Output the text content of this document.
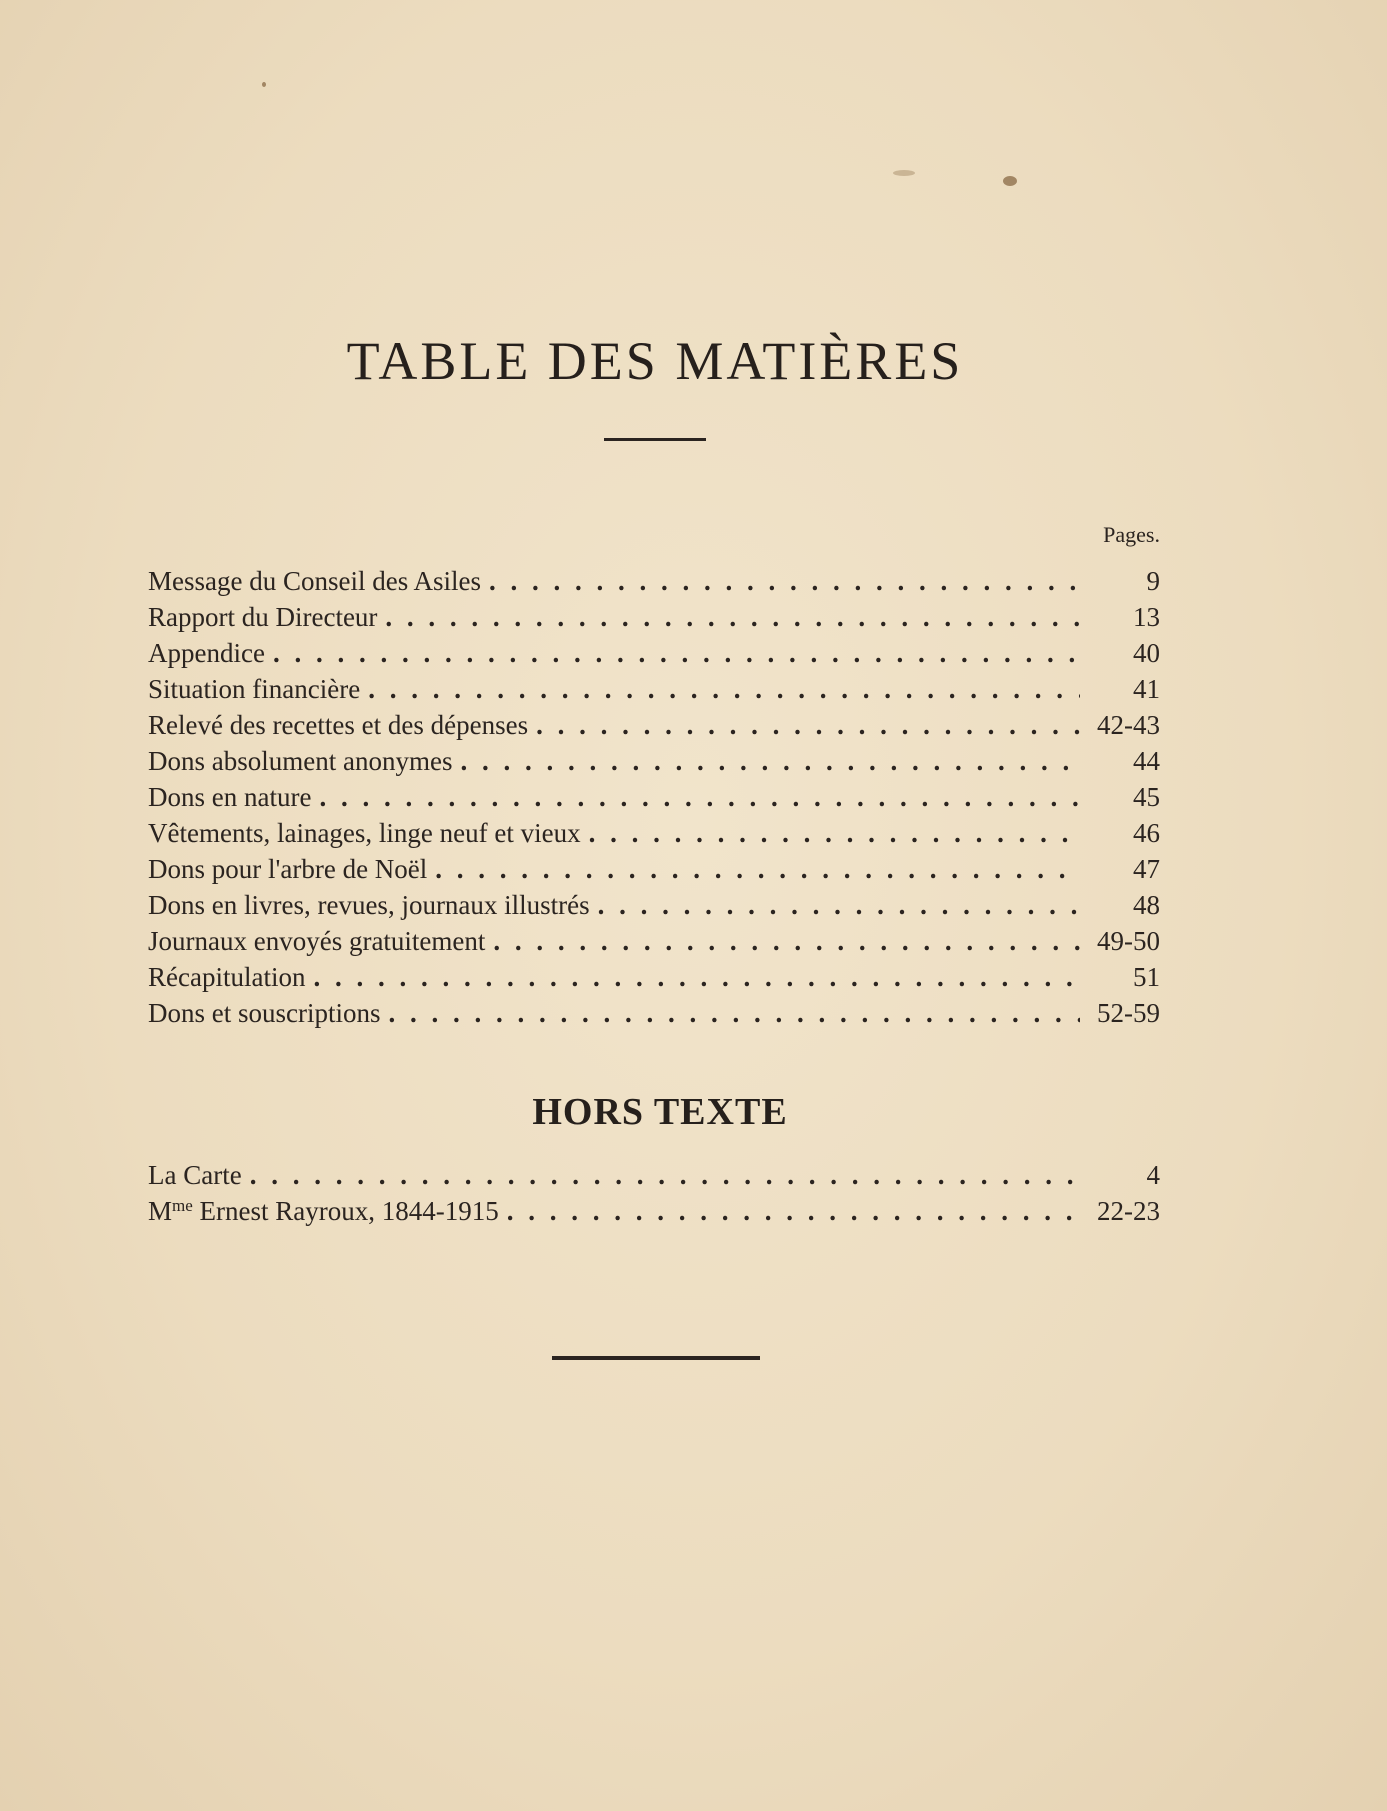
TABLE DES MATIÈRES
Pages.
Message du Conseil des Asiles . . .	9
Rapport du Directeur . . .	13
Appendice . . .	40
Situation financière . . .	41
Relevé des recettes et des dépenses . . .	42-43
Dons absolument anonymes . . .	44
Dons en nature . . .	45
Vêtements, lainages, linge neuf et vieux . . .	46
Dons pour l'arbre de Noël . . .	47
Dons en livres, revues, journaux illustrés . . .	48
Journaux envoyés gratuitement . . .	49-50
Récapitulation . . .	51
Dons et souscriptions . . .	52-59
HORS TEXTE
La Carte . . .	4
$M^{me}$ Ernest Rayroux, 1844-1915 . . .	22-23
